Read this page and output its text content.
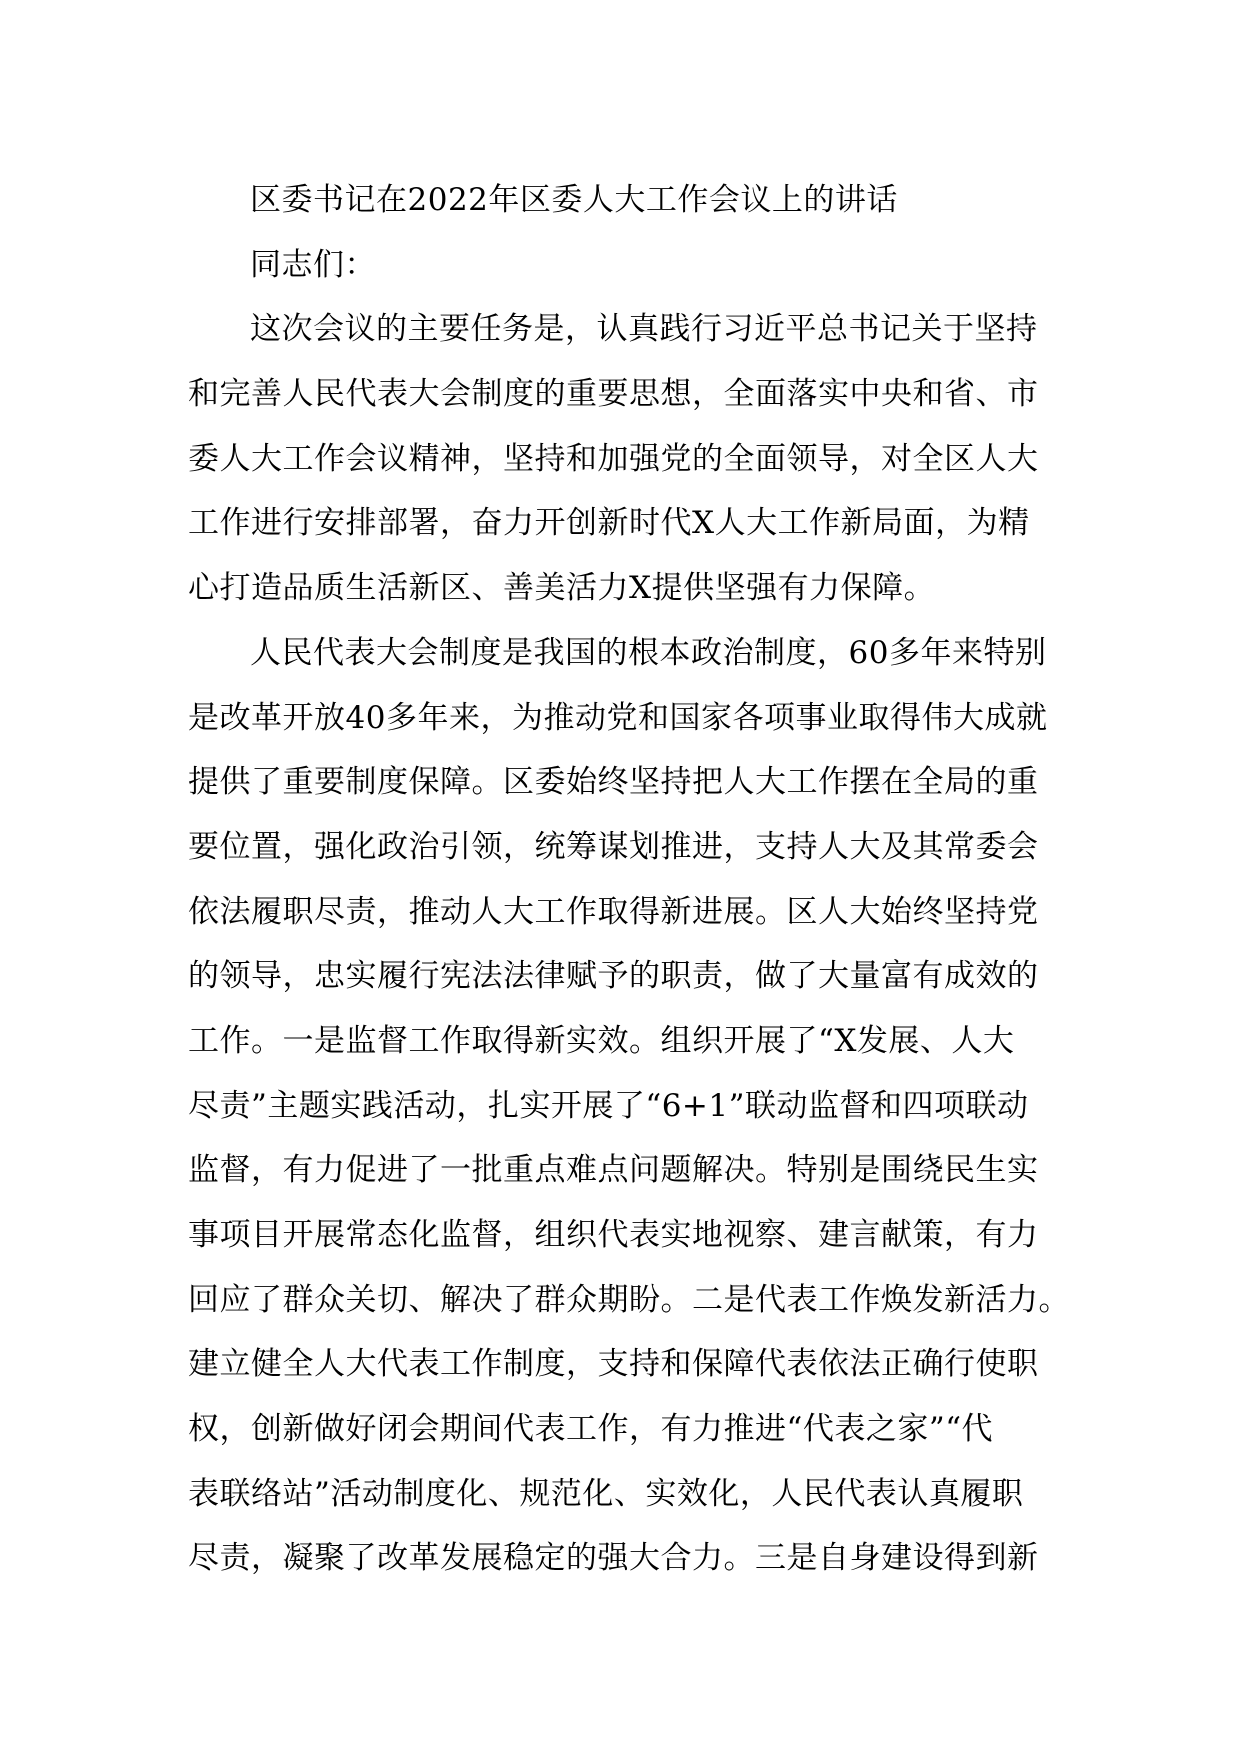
区委书记在2022年区委人大工作会议上的讲话
同志们：
这次会议的主要任务是，认真践行习近平总书记关于坚持
和完善人民代表大会制度的重要思想，全面落实中央和省、市
委人大工作会议精神，坚持和加强党的全面领导，对全区人大
工作进行安排部署，奋力开创新时代X人大工作新局面，为精
心打造品质生活新区、善美活力X提供坚强有力保障。
人民代表大会制度是我国的根本政治制度，60多年来特别
是改革开放40多年来，为推动党和国家各项事业取得伟大成就
提供了重要制度保障。区委始终坚持把人大工作摆在全局的重
要位置，强化政治引领，统筹谋划推进，支持人大及其常委会
依法履职尽责，推动人大工作取得新进展。区人大始终坚持党
的领导，忠实履行宪法法律赋予的职责，做了大量富有成效的
工作。一是监督工作取得新实效。组织开展了“X发展、人大
尽责”主题实践活动，扎实开展了“6+1”联动监督和四项联动
监督，有力促进了一批重点难点问题解决。特别是围绕民生实
事项目开展常态化监督，组织代表实地视察、建言献策，有力
回应了群众关切、解决了群众期盼。二是代表工作焕发新活力。
建立健全人大代表工作制度，支持和保障代表依法正确行使职
权，创新做好闭会期间代表工作，有力推进“代表之家”“代
表联络站”活动制度化、规范化、实效化，人民代表认真履职
尽责，凝聚了改革发展稳定的强大合力。三是自身建设得到新
